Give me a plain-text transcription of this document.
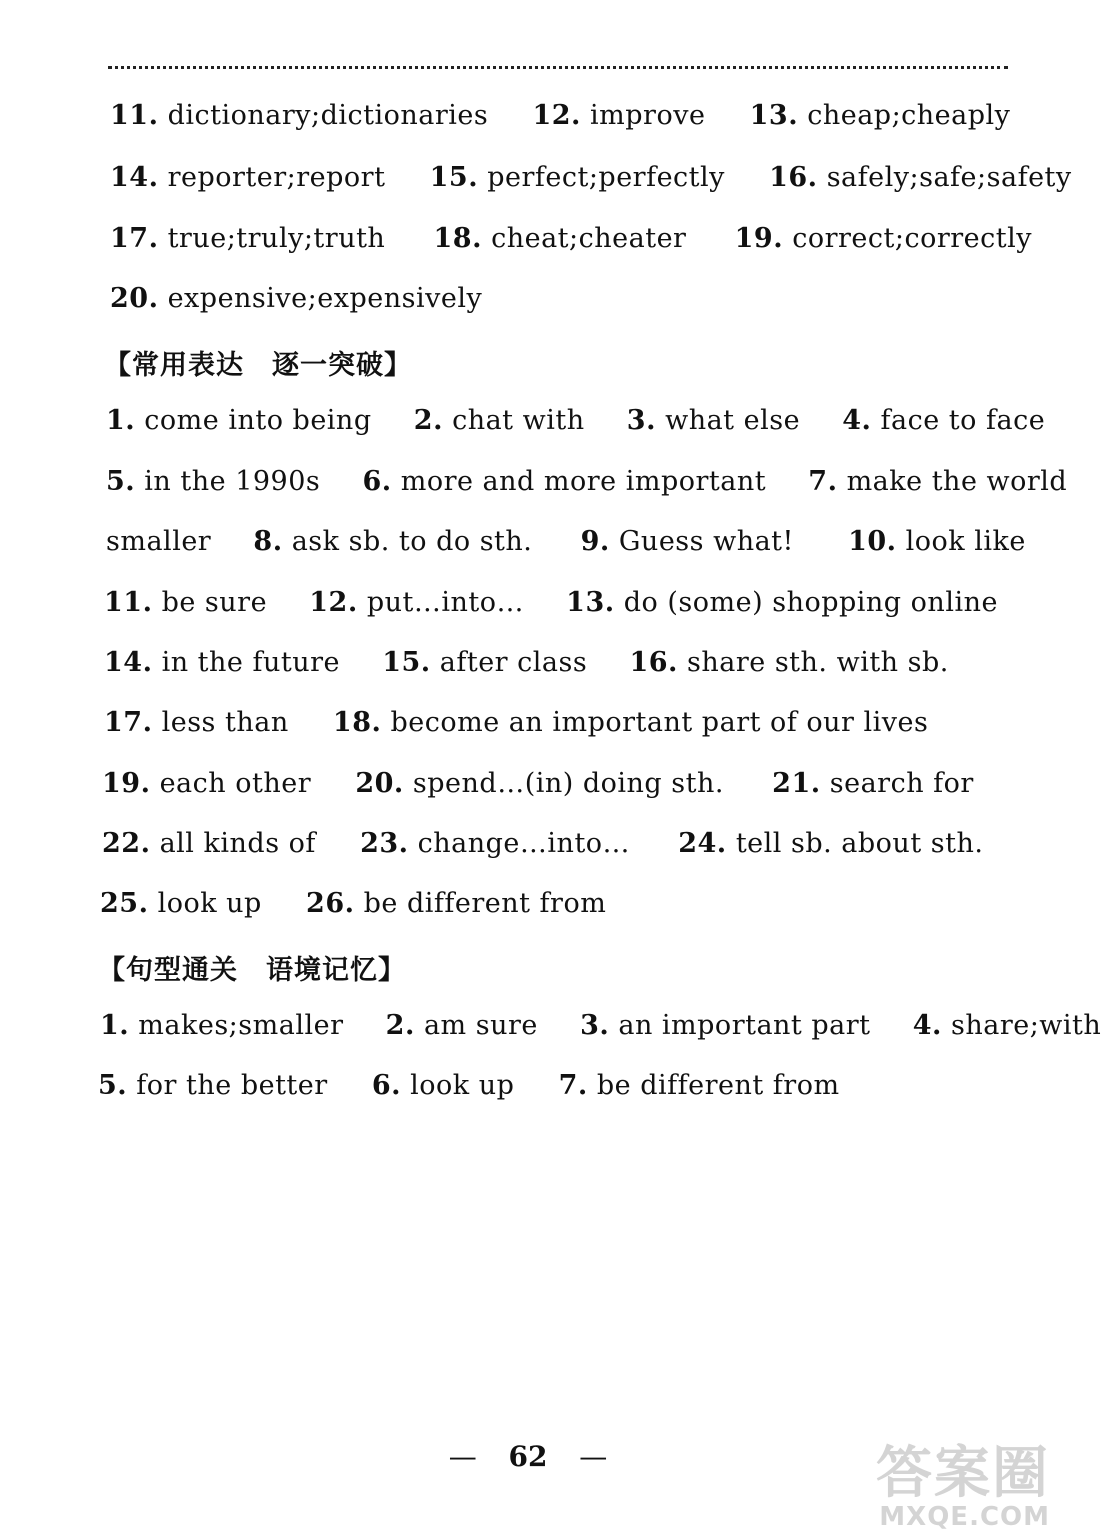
11. dictionary;dictionaries 12. improve 13. cheap;cheaply
14. reporter;report 15. perfect;perfectly 16. safely;safe;safety
17. true;truly;truth 18. cheat;cheater 19. correct;correctly
20. expensive;expensively
【常用表达　逐一突破】
1. come into being 2. chat with 3. what else 4. face to face
5. in the 1990s 6. more and more important 7. make the world
smaller 8. ask sb. to do sth. 9. Guess what! 10. look like
11. be sure 12. put…into… 13. do (some) shopping online
14. in the future 15. after class 16. share sth. with sb.
17. less than 18. become an important part of our lives
19. each other 20. spend…(in) doing sth. 21. search for
22. all kinds of 23. change…into… 24. tell sb. about sth.
25. look up 26. be different from
【句型通关　语境记忆】
1. makes;smaller 2. am sure 3. an important part 4. share;with
5. for the better 6. look up 7. be different from
— 62 —	答案圈
MXQE.COM
